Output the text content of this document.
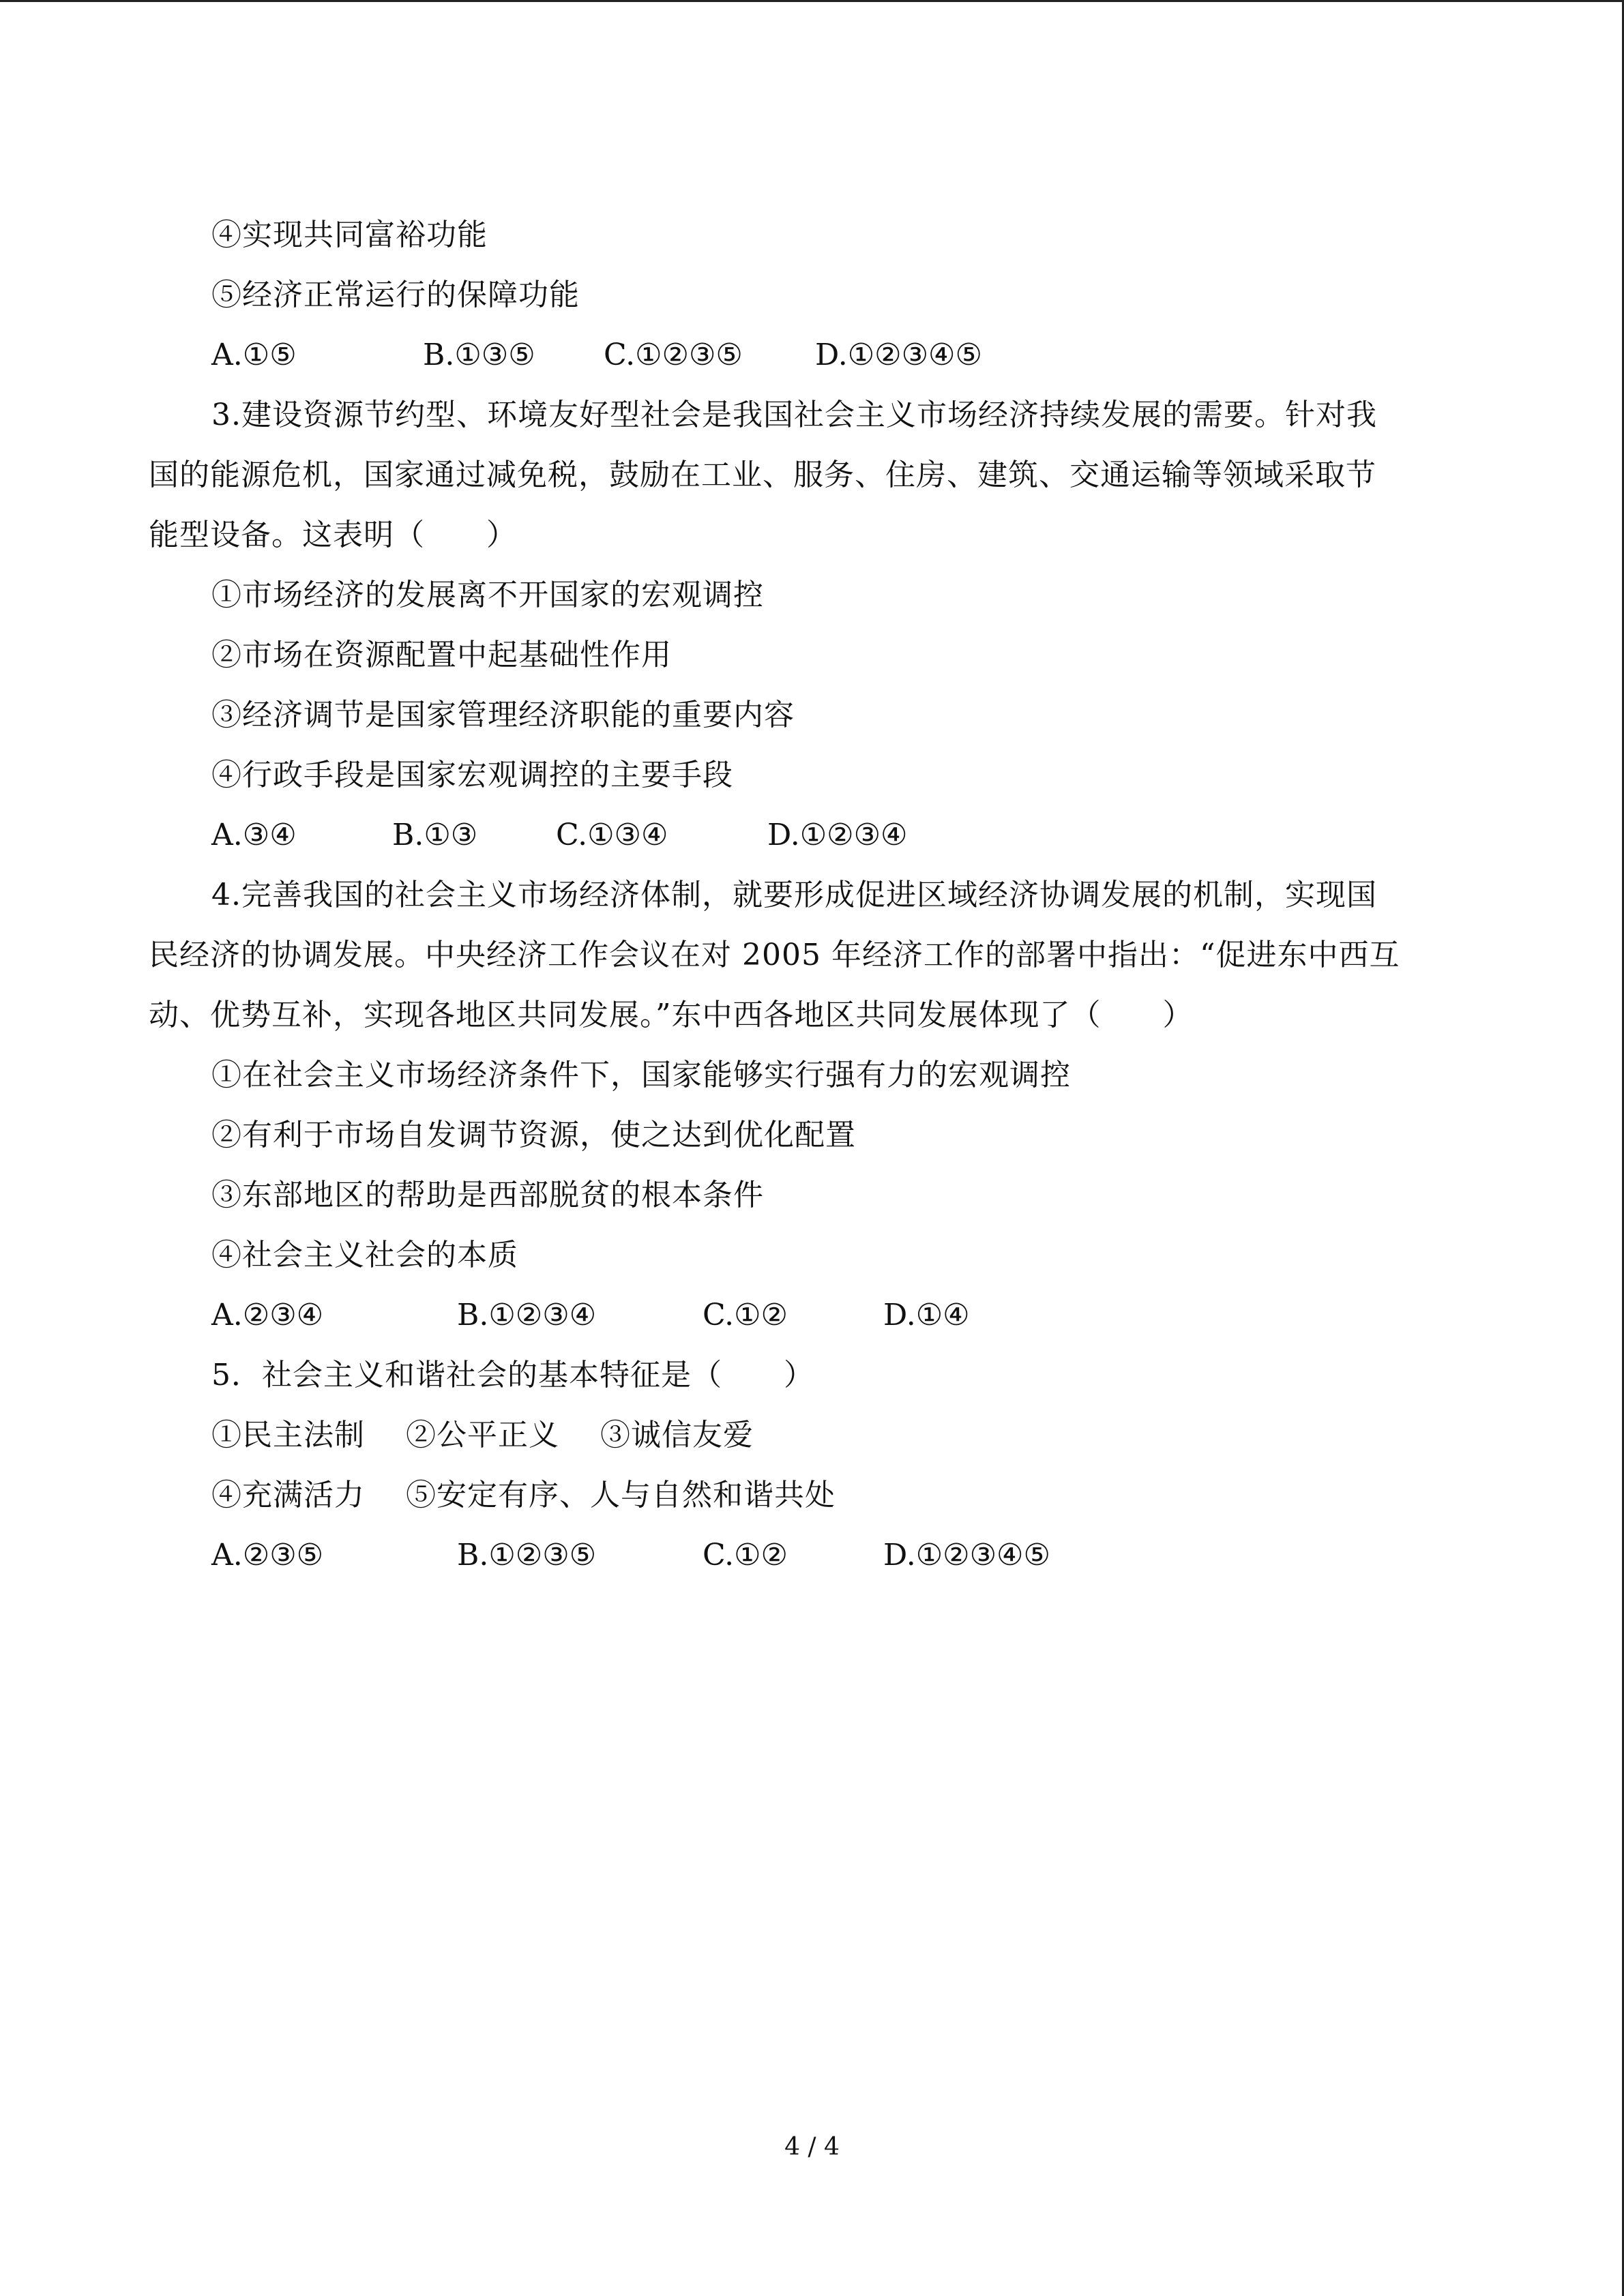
④实现共同富裕功能
⑤经济正常运行的保障功能
A.①⑤	B.①③⑤ C.①②③⑤ D.①②③④⑤
3.建设资源节约型、环境友好型社会是我国社会主义市场经济持续发展的需要。针对我
国的能源危机，国家通过减免税，鼓励在工业、服务、住房、建筑、交通运输等领域采取节
能型设备。这表明（　　）
①市场经济的发展离不开国家的宏观调控
②市场在资源配置中起基础性作用
③经济调节是国家管理经济职能的重要内容
④行政手段是国家宏观调控的主要手段
A.③④	B.①③	C.①③④	D.①②③④
4.完善我国的社会主义市场经济体制，就要形成促进区域经济协调发展的机制，实现国
民经济的协调发展。中央经济工作会议在对 2005 年经济工作的部署中指出：“促进东中西互
动、优势互补，实现各地区共同发展。”东中西各地区共同发展体现了（　　）
①在社会主义市场经济条件下，国家能够实行强有力的宏观调控
②有利于市场自发调节资源，使之达到优化配置
③东部地区的帮助是西部脱贫的根本条件
④社会主义社会的本质
A.②③④	B.①②③④	C.①②	D.①④
5．社会主义和谐社会的基本特征是（　　）
①民主法制　 ②公平正义　 ③诚信友爱
④充满活力　 ⑤安定有序、人与自然和谐共处
A.②③⑤	B.①②③⑤	C.①②	D.①②③④⑤
4 / 4
